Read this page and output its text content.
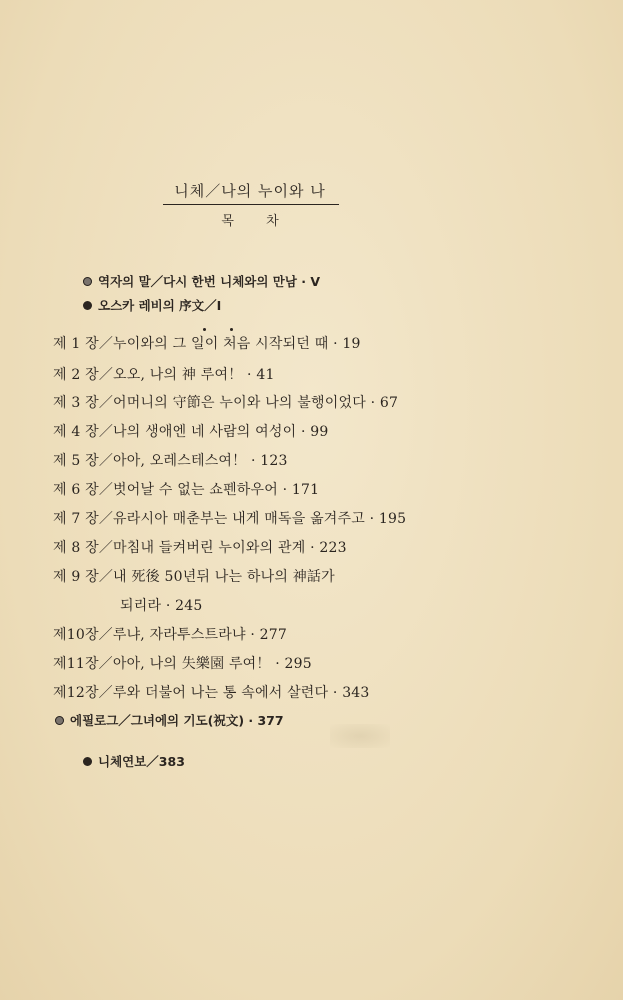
니체／나의 누이와 나
목 차
역자의 말／다시 한번 니체와의 만남 · V
오스카 레비의 序文／I
제 1 장／누이와의 그 일이 처음 시작되던 때 · 19
제 2 장／오오, 나의 神 루여！ · 41
제 3 장／어머니의 守節은 누이와 나의 불행이었다 · 67
제 4 장／나의 생애엔 네 사람의 여성이 · 99
제 5 장／아아, 오레스테스여！ · 123
제 6 장／벗어날 수 없는 쇼펜하우어 · 171
제 7 장／유라시아 매춘부는 내게 매독을 옮겨주고 · 195
제 8 장／마침내 들켜버린 누이와의 관계 · 223
제 9 장／내 死後 50년뒤 나는 하나의 神話가
되리라 · 245
제10장／루냐, 자라투스트라냐 · 277
제11장／아아, 나의 失樂園 루여！ · 295
제12장／루와 더불어 나는 통 속에서 살련다 · 343
에필로그／그녀에의 기도(祝文) · 377
니체연보／383
